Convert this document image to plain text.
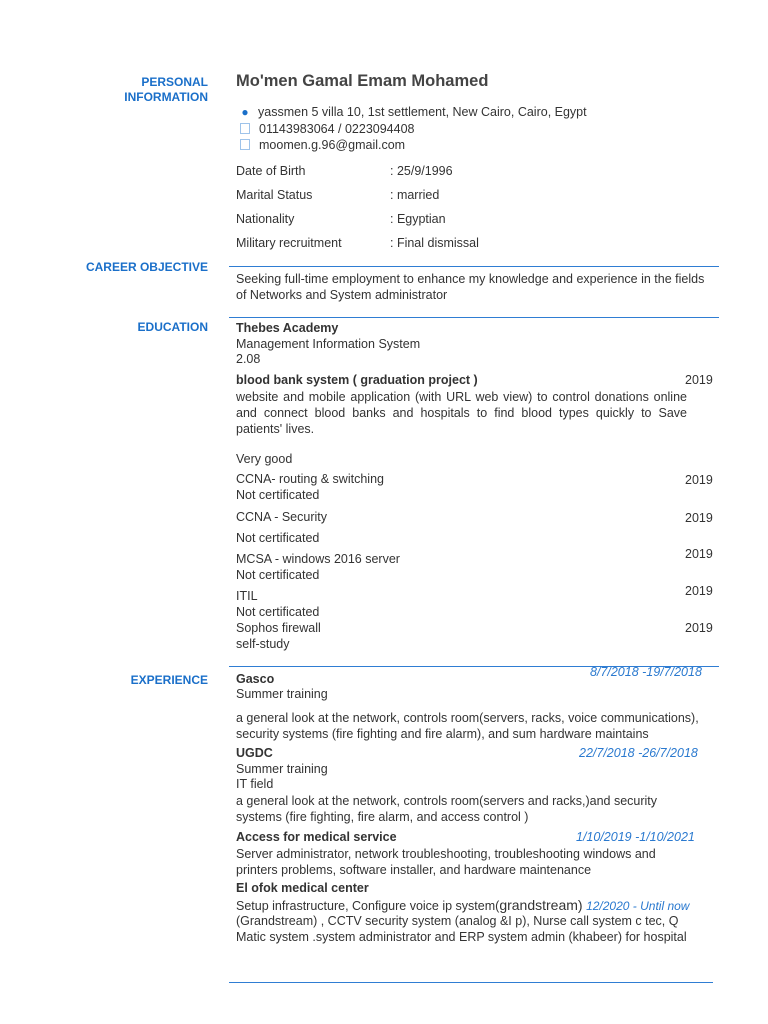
PERSONAL INFORMATION
Mo'men Gamal Emam Mohamed
● yassmen 5 villa 10, 1st settlement, New Cairo, Cairo, Egypt
01143983064 / 0223094408
moomen.g.96@gmail.com
Date of Birth	: 25/9/1996
Marital Status	: married
Nationality	: Egyptian
Military recruitment	: Final dismissal
CAREER OBJECTIVE
Seeking full-time employment to enhance my knowledge and experience in the fields of Networks and System administrator
EDUCATION Thebes Academy
Management Information System
2.08
blood bank system ( graduation project )	2019
website and mobile application (with URL web view) to control donations online and connect blood banks and hospitals to find blood types quickly to Save patients' lives.
Very good
CCNA- routing & switching	2019
Not certificated
CCNA - Security	2019
Not certificated
MCSA - windows 2016 server	2019
Not certificated
ITIL	2019
Not certificated
Sophos firewall	2019
self-study
EXPERIENCE Gasco	8/7/2018 -19/7/2018
Summer training
a general look at the network, controls room(servers, racks, voice communications), security systems (fire fighting and fire alarm), and sum hardware maintains
UGDC	22/7/2018 -26/7/2018
Summer training
IT field
a general look at the network, controls room(servers and racks,)and security systems (fire fighting, fire alarm, and access control )
Access for medical service	1/10/2019 -1/10/2021
Server administrator, network troubleshooting, troubleshooting windows and printers problems, software installer, and hardware maintenance
El ofok medical center
Setup infrastructure, Configure voice ip system(grandstream) 12/2020 - Until now
(Grandstream) , CCTV security system (analog &I p), Nurse call system c tec, Q Matic system .system administrator and ERP system admin (khabeer) for hospital
